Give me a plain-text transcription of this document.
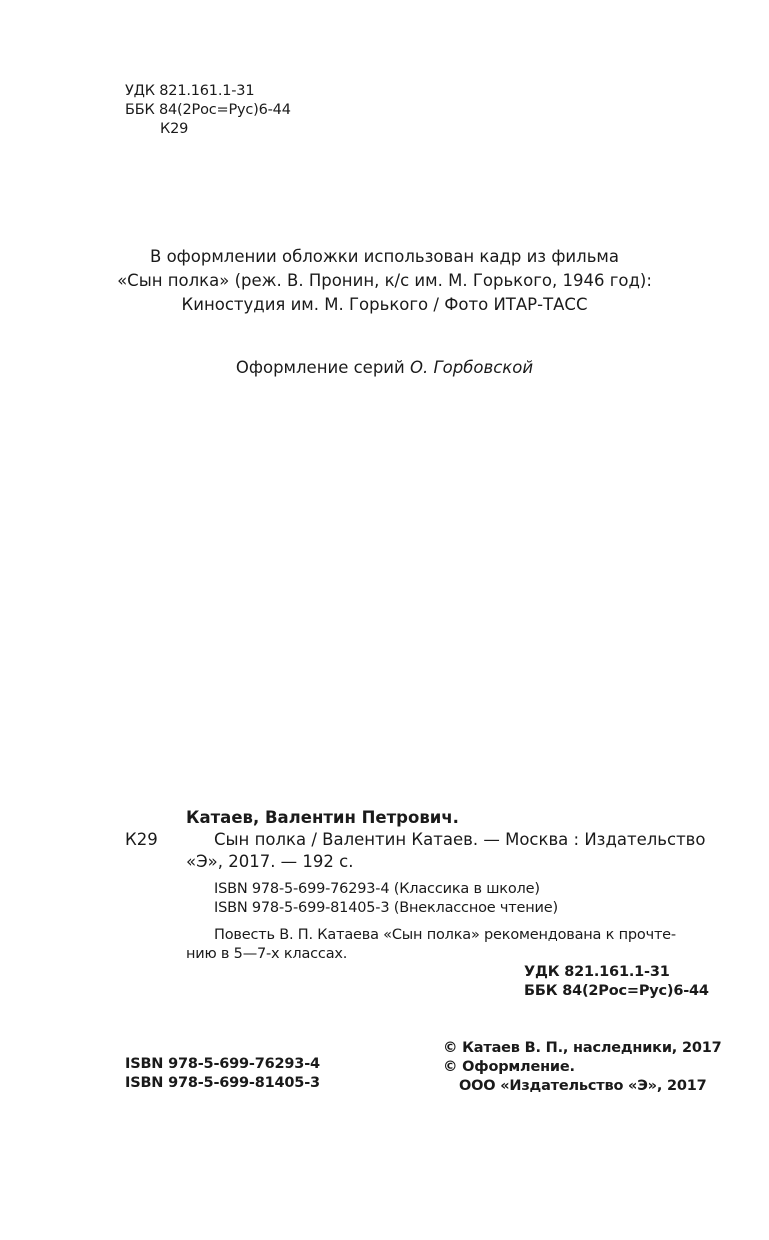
УДК 821.161.1-31
ББК 84(2Рос=Рус)6-44
К29
В оформлении обложки использован кадр из фильма
«Сын полка» (реж. В. Пронин, к/с им. М. Горького, 1946 год):
Киностудия им. М. Горького / Фото ИТАР-ТАСС
Оформление серий О. Горбовской
Катаев, Валентин Петрович.
К29	Сын полка / Валентин Катаев. — Москва : Издательство
«Э», 2017. — 192 с.
ISBN 978-5-699-76293-4 (Классика в школе)
ISBN 978-5-699-81405-3 (Внеклассное чтение)
Повесть В. П. Катаева «Сын полка» рекомендована к прочте-
нию в 5—7-х классах.
УДК 821.161.1-31
ББК 84(2Рос=Рус)6-44
ISBN 978-5-699-76293-4
ISBN 978-5-699-81405-3
© Катаев В. П., наследники, 2017
© Оформление.
ООО «Издательство «Э», 2017
